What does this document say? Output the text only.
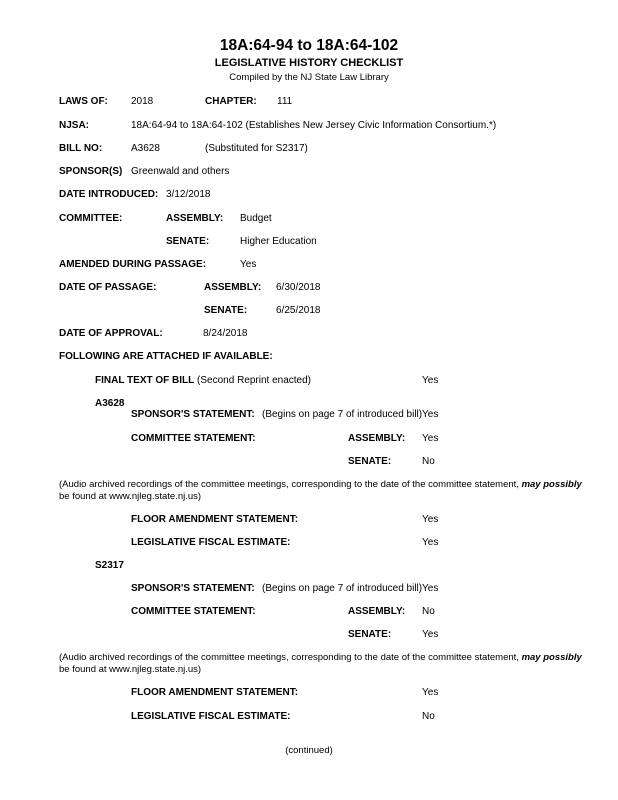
18A:64-94 to 18A:64-102
LEGISLATIVE HISTORY CHECKLIST
Compiled by the NJ State Law Library
LAWS OF: 2018	CHAPTER: 111
NJSA:	18A:64-94 to 18A:64-102 (Establishes New Jersey Civic Information Consortium.*)
BILL NO:	A3628	(Substituted for S2317)
SPONSOR(S) Greenwald and others
DATE INTRODUCED: 3/12/2018
COMMITTEE:	ASSEMBLY: Budget
SENATE:	Higher Education
AMENDED DURING PASSAGE:	Yes
DATE OF PASSAGE:	ASSEMBLY: 6/30/2018
SENATE:	6/25/2018
DATE OF APPROVAL:	8/24/2018
FOLLOWING ARE ATTACHED IF AVAILABLE:
FINAL TEXT OF BILL (Second Reprint enacted)	Yes
A3628
SPONSOR'S STATEMENT: (Begins on page 7 of introduced bill) Yes
COMMITTEE STATEMENT:	ASSEMBLY: Yes
SENATE:	No
(Audio archived recordings of the committee meetings, corresponding to the date of the committee statement, may possibly
be found at www.njleg.state.nj.us)
FLOOR AMENDMENT STATEMENT:	Yes
LEGISLATIVE FISCAL ESTIMATE:	Yes
S2317
SPONSOR'S STATEMENT: (Begins on page 7 of introduced bill) Yes
COMMITTEE STATEMENT:	ASSEMBLY: No
SENATE:	Yes
(Audio archived recordings of the committee meetings, corresponding to the date of the committee statement, may possibly
be found at www.njleg.state.nj.us)
FLOOR AMENDMENT STATEMENT:	Yes
LEGISLATIVE FISCAL ESTIMATE:	No
(continued)
